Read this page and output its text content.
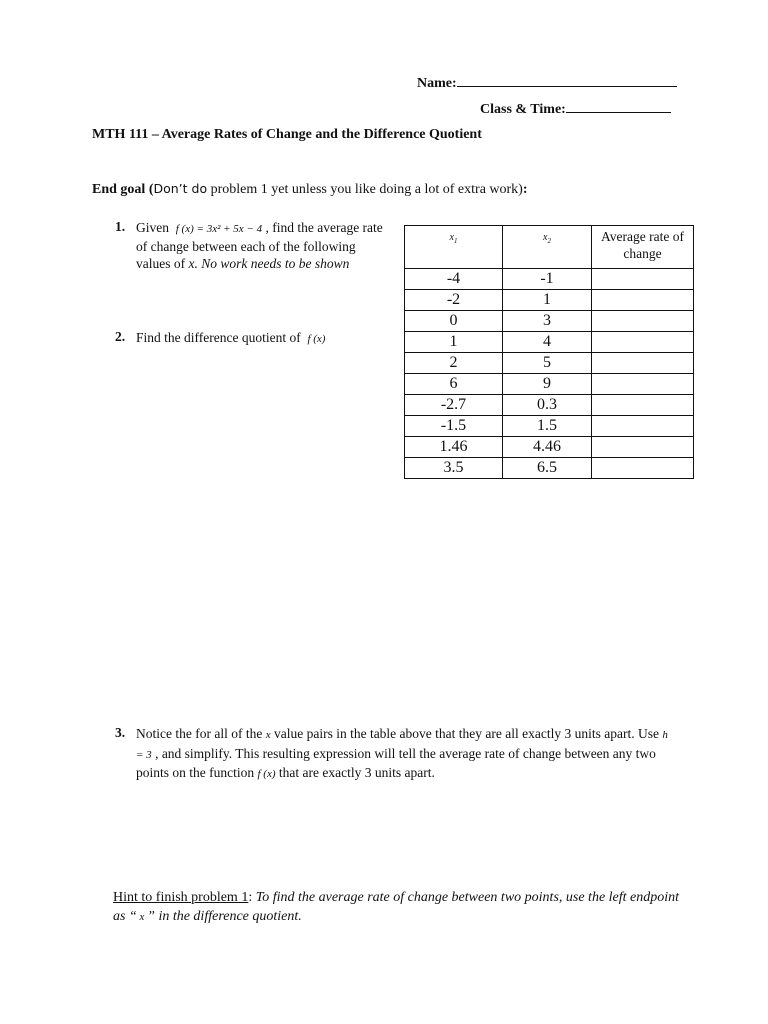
Name:
Class & Time:
MTH 111 – Average Rates of Change and the Difference Quotient
End goal (Don’t do problem 1 yet unless you like doing a lot of extra work):
1. Given f (x) = 3x² + 5x − 4 , find the average rate of change between each of the following values of x. No work needs to be shown
2. Find the difference quotient of f (x)
$x_1$	$x_2$	Average rate of change
-4	-1	
-2	1	
0	3	
1	4	
2	5	
6	9	
-2.7	0.3	
-1.5	1.5	
1.46	4.46	
3.5	6.5	
3. Notice the for all of the x value pairs in the table above that they are all exactly 3 units apart. Use h = 3 , and simplify. This resulting expression will tell the average rate of change between any two points on the function f (x) that are exactly 3 units apart.
Hint to finish problem 1: To find the average rate of change between two points, use the left endpoint as “ x ” in the difference quotient.
